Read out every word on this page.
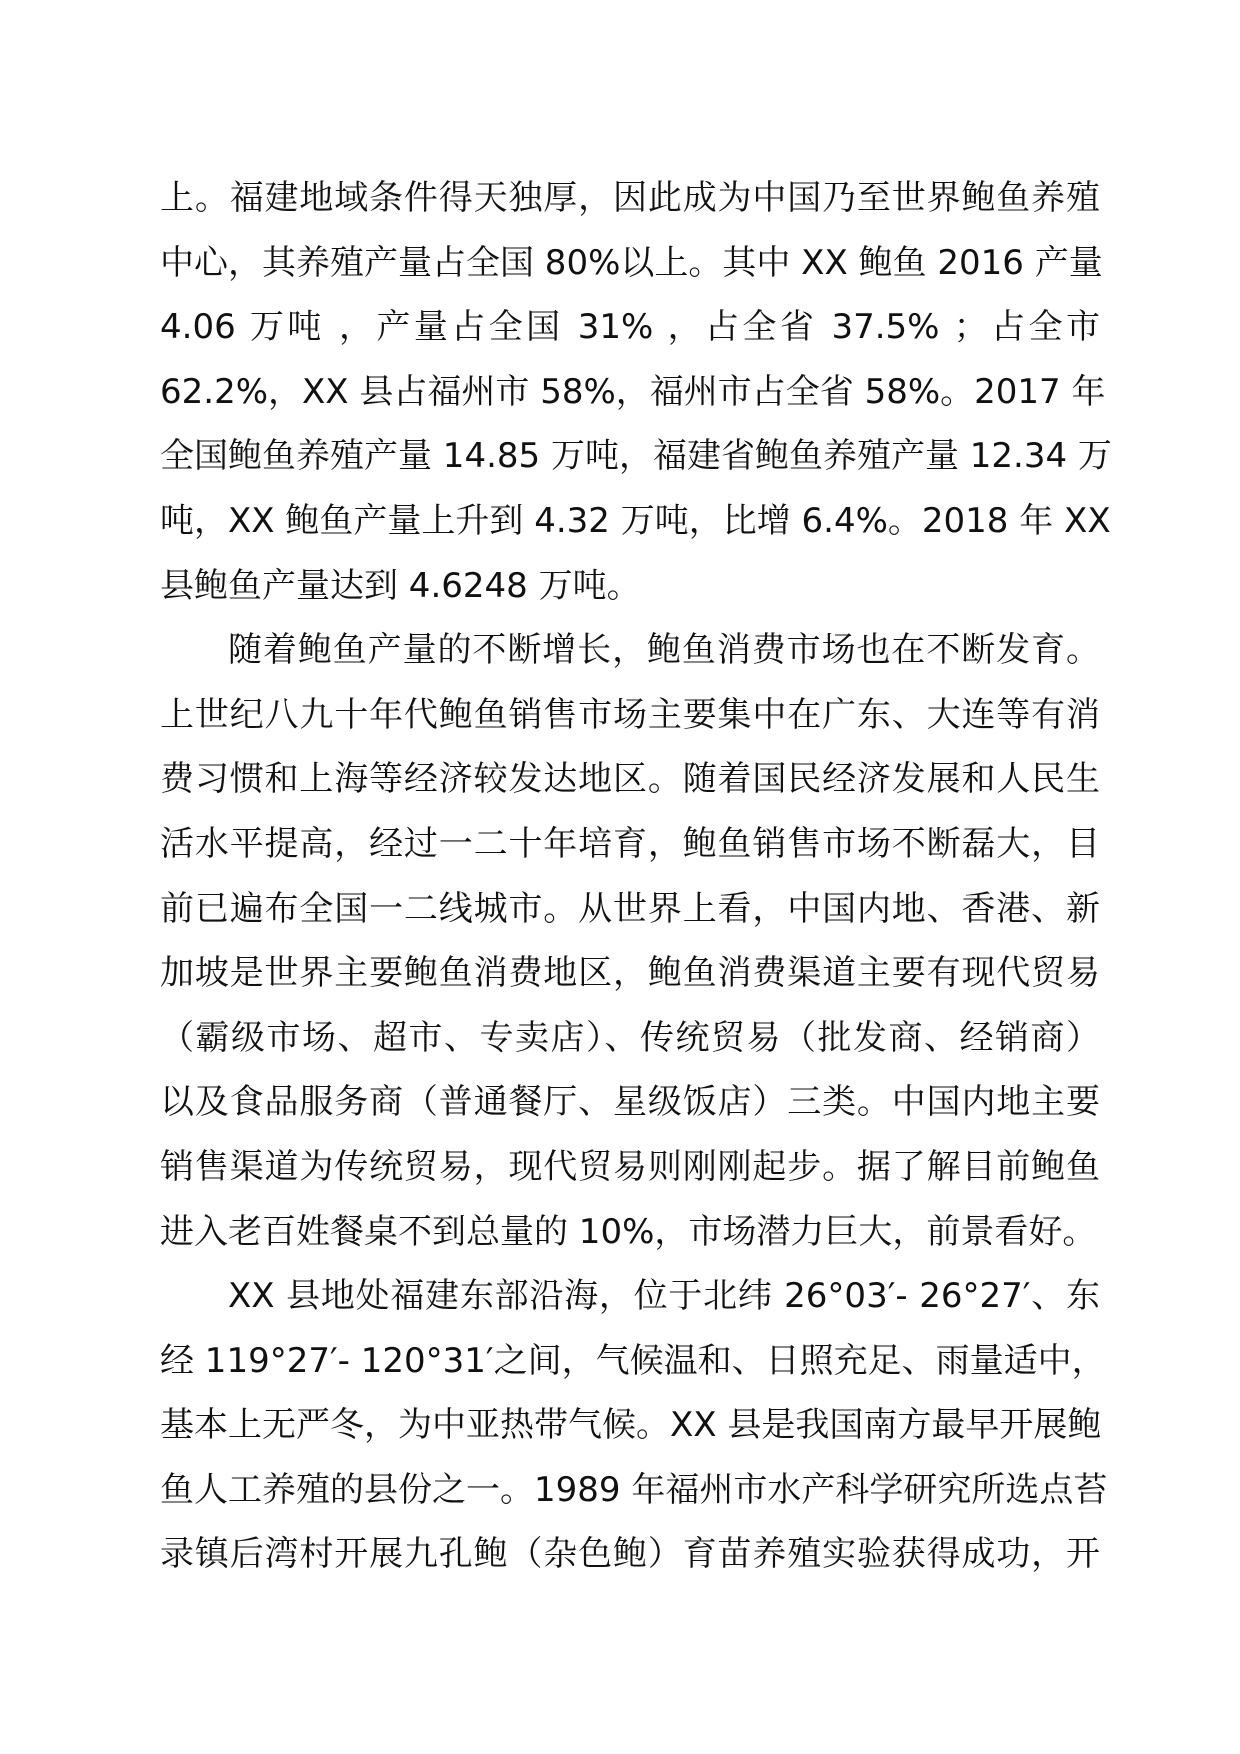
上。福建地域条件得天独厚，因此成为中国乃至世界鲍鱼养殖
中心，其养殖产量占全国 80%以上。其中 XX 鲍鱼 2016 产量
4.06 万吨 ，产量占全国 31% ，占全省 37.5% ；占全市
62.2%，XX 县占福州市 58%，福州市占全省 58%。2017 年
全国鲍鱼养殖产量 14.85 万吨，福建省鲍鱼养殖产量 12.34 万
吨，XX 鲍鱼产量上升到 4.32 万吨，比增 6.4%。2018 年 XX
县鲍鱼产量达到 4.6248 万吨。
随着鲍鱼产量的不断增长，鲍鱼消费市场也在不断发育。
上世纪八九十年代鲍鱼销售市场主要集中在广东、大连等有消
费习惯和上海等经济较发达地区。随着国民经济发展和人民生
活水平提高，经过一二十年培育，鲍鱼销售市场不断磊大，目
前已遍布全国一二线城市。从世界上看，中国内地、香港、新
加坡是世界主要鲍鱼消费地区，鲍鱼消费渠道主要有现代贸易
（霸级市场、超市、专卖店）、传统贸易（批发商、经销商）
以及食品服务商（普通餐厅、星级饭店）三类。中国内地主要
销售渠道为传统贸易，现代贸易则刚刚起步。据了解目前鲍鱼
进入老百姓餐桌不到总量的 10%，市场潜力巨大，前景看好。
XX 县地处福建东部沿海，位于北纬 26°03′- 26°27′、东
经 119°27′- 120°31′之间，气候温和、日照充足、雨量适中，
基本上无严冬，为中亚热带气候。XX 县是我国南方最早开展鲍
鱼人工养殖的县份之一。1989 年福州市水产科学研究所选点苔
录镇后湾村开展九孔鲍（杂色鲍）育苗养殖实验获得成功，开
